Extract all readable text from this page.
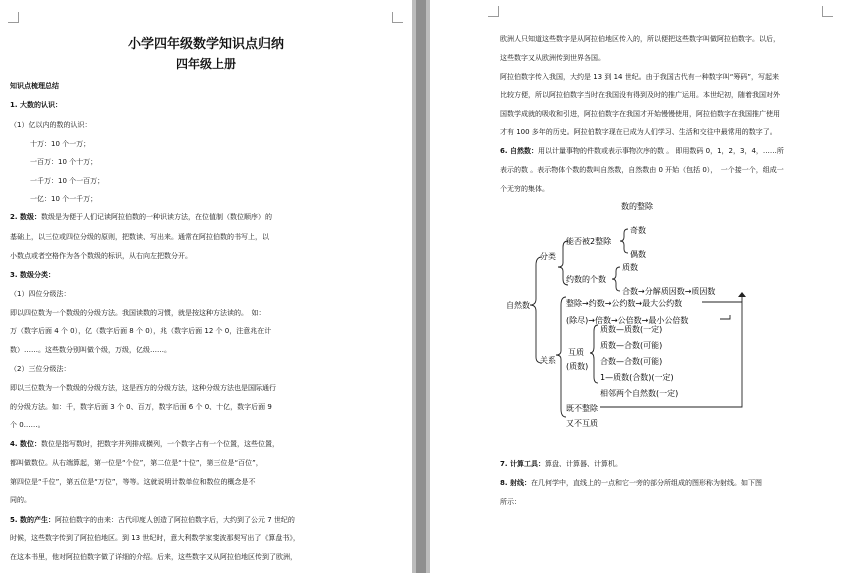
小学四年级数学知识点归纳
四年级上册
知识点梳理总结
1. 大数的认识：
（1）亿以内的数的认识：
十万：10 个一万；
一百万：10 个十万；
一千万：10 个一百万；
一亿：10 个一千万；
2. 数级：数级是为便于人们记读阿拉伯数的一种识读方法，在位值制（数位顺序）的
基础上，以三位或四位分级的原则，把数读、写出来。通常在阿拉伯数的书写上，以
小数点或者空格作为各个数级的标识，从右向左把数分开。
3. 数级分类：
（1）四位分级法：
即以四位数为一个数级的分级方法。我国读数的习惯，就是按这种方法读的。　如：
万（数字后面 4 个 0），亿（数字后面 8 个 0），兆（数字后面 12 个 0，注意兆在计
数）……。这些数分别叫做个级，万级，亿级……。
（2）三位分级法：
即以三位数为一个数级的分级方法，这是西方的分级方法，这种分级方法也是国际通行
的分级方法。如：千，数字后面 3 个 0、百万，数字后面 6 个 0、十亿，数字后面 9
个 0……。
4. 数位：数位是指写数时，把数字并列排成横列，一个数字占有一个位置，这些位置，
都叫做数位。从右端算起，第一位是“个位”，第二位是“十位”，第三位是“百位”，
第四位是“千位”，第五位是“万位”，等等。这就说明计数单位和数位的概念是不
同的。
5. 数的产生：阿拉伯数字的由来：古代印度人创造了阿拉伯数字后，大约到了公元 7 世纪的
时候，这些数字传到了阿拉伯地区。到 13 世纪时，意大利数学家斐波那契写出了《算盘书》，
在这本书里，他对阿拉伯数字做了详细的介绍。后来，这些数字又从阿拉伯地区传到了欧洲，
欧洲人只知道这些数字是从阿拉伯地区传入的，所以便把这些数字叫做阿拉伯数字。以后，
这些数字又从欧洲传到世界各国。
阿拉伯数字传入我国，大约是 13 到 14 世纪。由于我国古代有一种数字叫“筹码”，写起来
比较方便，所以阿拉伯数字当时在我国没有得到及时的推广运用。本世纪初，随着我国对外
国数学成就的吸收和引进，阿拉伯数字在我国才开始慢慢使用，阿拉伯数字在我国推广使用
才有 100 多年的历史。阿拉伯数字现在已成为人们学习、生活和交往中最常用的数字了。
6. 自然数：用以计量事物的件数或表示事物次序的数 。 即用数码 0，1，2，3，4，……所
表示的数 。表示物体个数的数叫自然数，自然数由 0 开始（包括 0），　一个接一个，组成一
个无穷的集体。
数的整除
自然数
分类
关系
能否被2整除
奇数
偶数
约数的个数
质数
合数→分解质因数→质因数
整除→约数→公约数→最大公约数
(除尽)→倍数→公倍数→最小公倍数
互质
(质数)
质数—质数(一定)
质数—合数(可能)
合数—合数(可能)
1—质数(合数)(一定)
相邻两个自然数(一定)
既不整除
又不互质
7. 计算工具：算盘、计算器、计算机。
8. 射线：在几何学中，直线上的一点和它一旁的部分所组成的图形称为射线。如下图
所示：
